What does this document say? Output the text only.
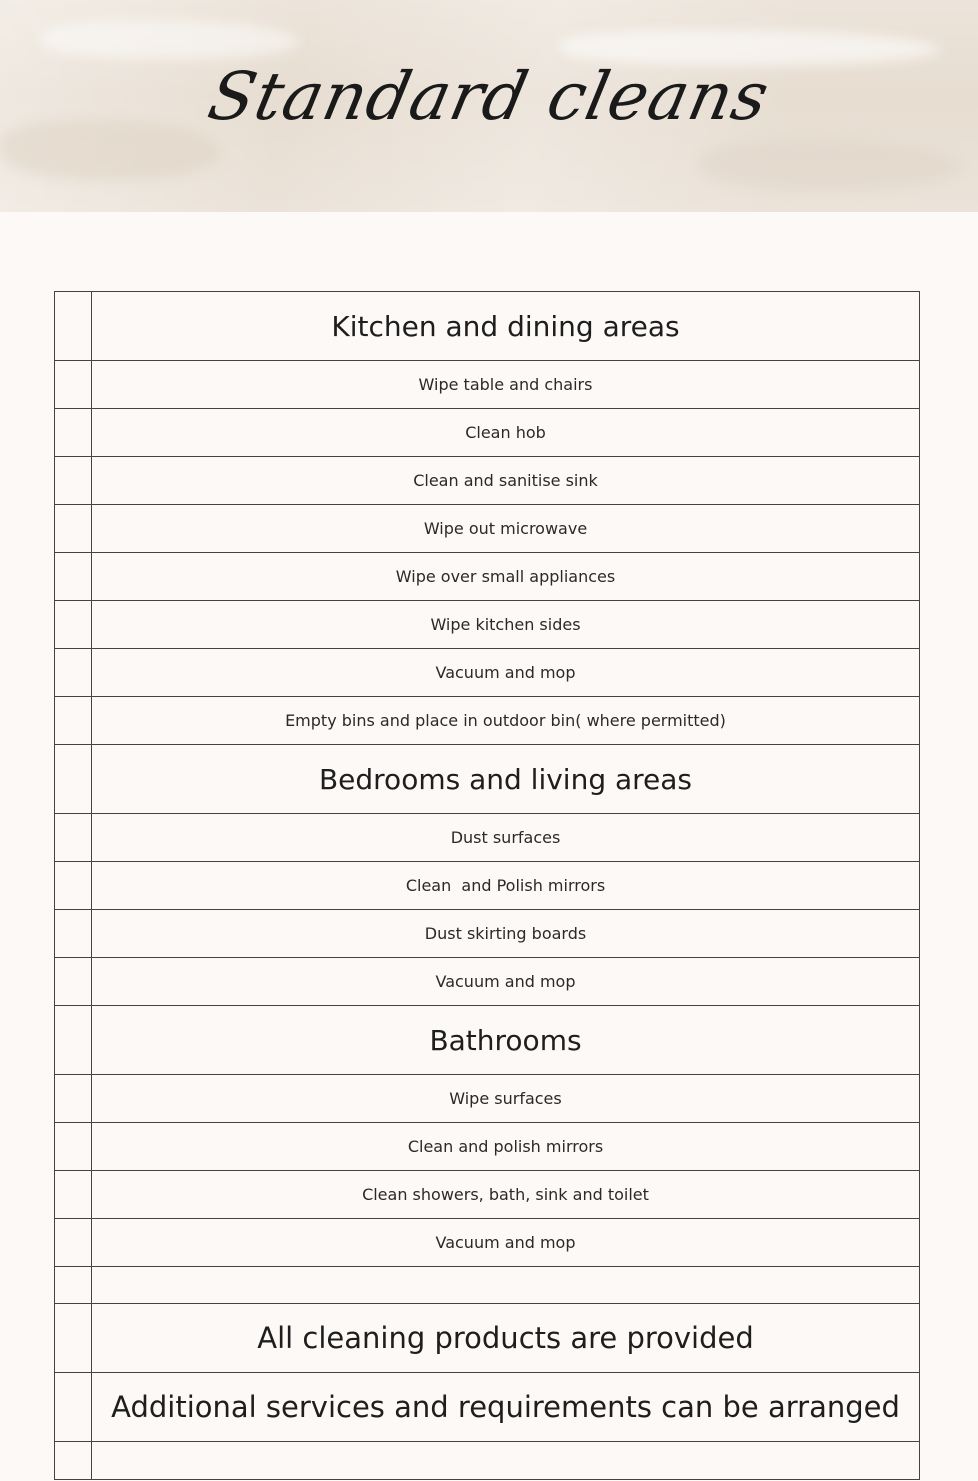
Standard cleans
Kitchen and dining areas
Wipe table and chairs
Clean hob
Clean and sanitise sink
Wipe out microwave
Wipe over small appliances
Wipe kitchen sides
Vacuum and mop
Empty bins and place in outdoor bin( where permitted)
Bedrooms and living areas
Dust surfaces
Clean  and Polish mirrors
Dust skirting boards
Vacuum and mop
Bathrooms
Wipe surfaces
Clean and polish mirrors
Clean showers, bath, sink and toilet
Vacuum and mop
All cleaning products are provided
Additional services and requirements can be arranged
